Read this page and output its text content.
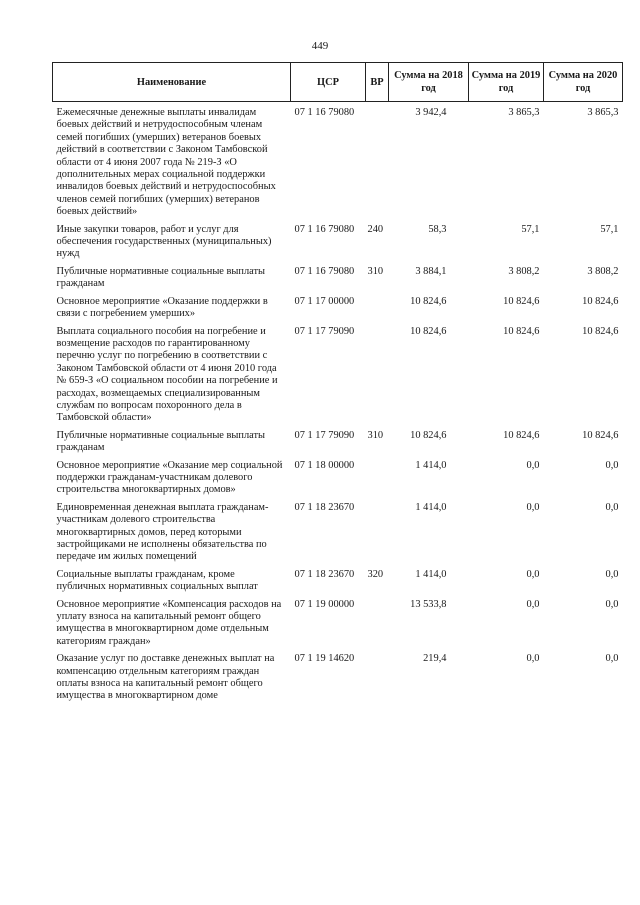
449
Наименование	ЦСР	ВР	Сумма на 2018 год	Сумма на 2019 год	Сумма на 2020 год
Ежемесячные денежные выплаты инвалидам боевых действий и нетрудоспособным членам семей погибших (умерших) ветеранов боевых действий в соответствии с Законом Тамбовской области от 4 июня 2007 года № 219-З «О дополнительных мерах социальной поддержки инвалидов боевых действий и нетрудоспособных членов семей погибших (умерших) ветеранов боевых действий»	07 1 16 79080		3 942,4	3 865,3	3 865,3
Иные закупки товаров, работ и услуг для обеспечения государственных (муниципальных) нужд	07 1 16 79080	240	58,3	57,1	57,1
Публичные нормативные социальные выплаты гражданам	07 1 16 79080	310	3 884,1	3 808,2	3 808,2
Основное мероприятие «Оказание поддержки в связи с погребением умерших»	07 1 17 00000		10 824,6	10 824,6	10 824,6
Выплата социального пособия на погребение и возмещение расходов по гарантированному перечню услуг по погребению в соответствии с Законом Тамбовской области от 4 июня 2010 года № 659-З «О социальном пособии на погребение и расходах, возмещаемых специализированным службам по вопросам похоронного дела в Тамбовской области»	07 1 17 79090		10 824,6	10 824,6	10 824,6
Публичные нормативные социальные выплаты гражданам	07 1 17 79090	310	10 824,6	10 824,6	10 824,6
Основное мероприятие «Оказание мер социальной поддержки гражданам-участникам долевого строительства многоквартирных домов»	07 1 18 00000		1 414,0	0,0	0,0
Единовременная денежная выплата гражданам-участникам долевого строительства многоквартирных домов, перед которыми застройщиками не исполнены обязательства по передаче им жилых помещений	07 1 18 23670		1 414,0	0,0	0,0
Социальные выплаты гражданам, кроме публичных нормативных социальных выплат	07 1 18 23670	320	1 414,0	0,0	0,0
Основное мероприятие «Компенсация расходов на уплату взноса на капитальный ремонт общего имущества в многоквартирном доме отдельным категориям граждан»	07 1 19 00000		13 533,8	0,0	0,0
Оказание услуг по доставке денежных выплат на компенсацию отдельным категориям граждан оплаты взноса на капитальный ремонт общего имущества в многоквартирном доме	07 1 19 14620		219,4	0,0	0,0
